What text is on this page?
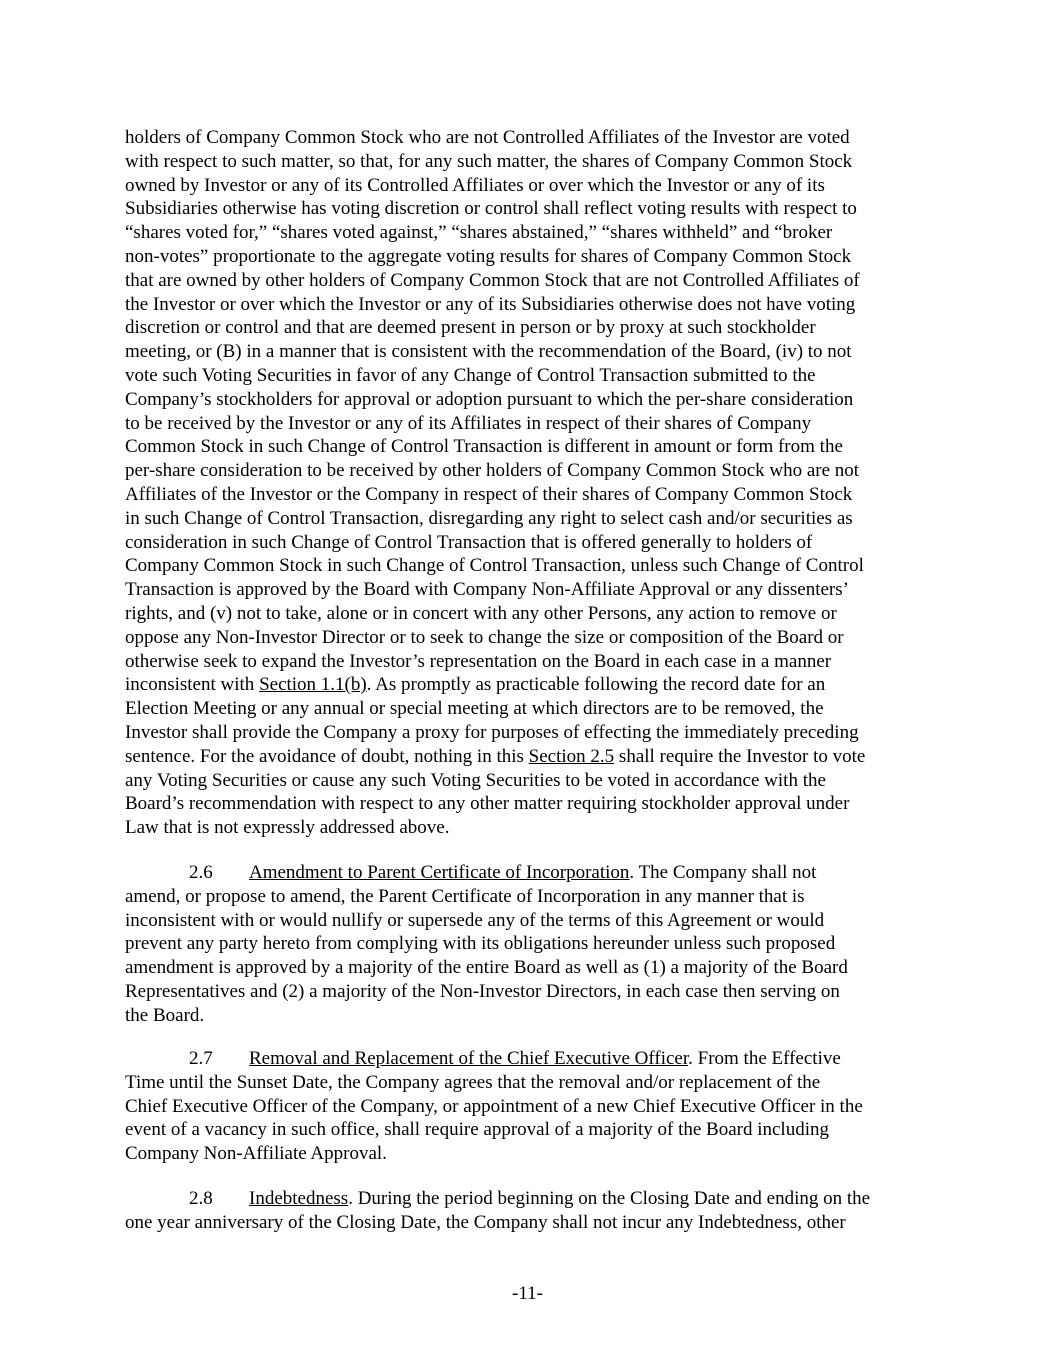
holders of Company Common Stock who are not Controlled Affiliates of the Investor are voted
with respect to such matter, so that, for any such matter, the shares of Company Common Stock
owned by Investor or any of its Controlled Affiliates or over which the Investor or any of its
Subsidiaries otherwise has voting discretion or control shall reflect voting results with respect to
“shares voted for,” “shares voted against,” “shares abstained,” “shares withheld” and “broker
non-votes” proportionate to the aggregate voting results for shares of Company Common Stock
that are owned by other holders of Company Common Stock that are not Controlled Affiliates of
the Investor or over which the Investor or any of its Subsidiaries otherwise does not have voting
discretion or control and that are deemed present in person or by proxy at such stockholder
meeting, or (B) in a manner that is consistent with the recommendation of the Board, (iv) to not
vote such Voting Securities in favor of any Change of Control Transaction submitted to the
Company’s stockholders for approval or adoption pursuant to which the per-share consideration
to be received by the Investor or any of its Affiliates in respect of their shares of Company
Common Stock in such Change of Control Transaction is different in amount or form from the
per-share consideration to be received by other holders of Company Common Stock who are not
Affiliates of the Investor or the Company in respect of their shares of Company Common Stock
in such Change of Control Transaction, disregarding any right to select cash and/or securities as
consideration in such Change of Control Transaction that is offered generally to holders of
Company Common Stock in such Change of Control Transaction, unless such Change of Control
Transaction is approved by the Board with Company Non-Affiliate Approval or any dissenters’
rights, and (v) not to take, alone or in concert with any other Persons, any action to remove or
oppose any Non-Investor Director or to seek to change the size or composition of the Board or
otherwise seek to expand the Investor’s representation on the Board in each case in a manner
inconsistent with Section 1.1(b). As promptly as practicable following the record date for an
Election Meeting or any annual or special meeting at which directors are to be removed, the
Investor shall provide the Company a proxy for purposes of effecting the immediately preceding
sentence. For the avoidance of doubt, nothing in this Section 2.5 shall require the Investor to vote
any Voting Securities or cause any such Voting Securities to be voted in accordance with the
Board’s recommendation with respect to any other matter requiring stockholder approval under
Law that is not expressly addressed above.

2.6 Amendment to Parent Certificate of Incorporation. The Company shall not
amend, or propose to amend, the Parent Certificate of Incorporation in any manner that is
inconsistent with or would nullify or supersede any of the terms of this Agreement or would
prevent any party hereto from complying with its obligations hereunder unless such proposed
amendment is approved by a majority of the entire Board as well as (1) a majority of the Board
Representatives and (2) a majority of the Non-Investor Directors, in each case then serving on
the Board.

2.7 Removal and Replacement of the Chief Executive Officer. From the Effective
Time until the Sunset Date, the Company agrees that the removal and/or replacement of the
Chief Executive Officer of the Company, or appointment of a new Chief Executive Officer in the
event of a vacancy in such office, shall require approval of a majority of the Board including
Company Non-Affiliate Approval.

2.8 Indebtedness. During the period beginning on the Closing Date and ending on the
one year anniversary of the Closing Date, the Company shall not incur any Indebtedness, other

-11-
